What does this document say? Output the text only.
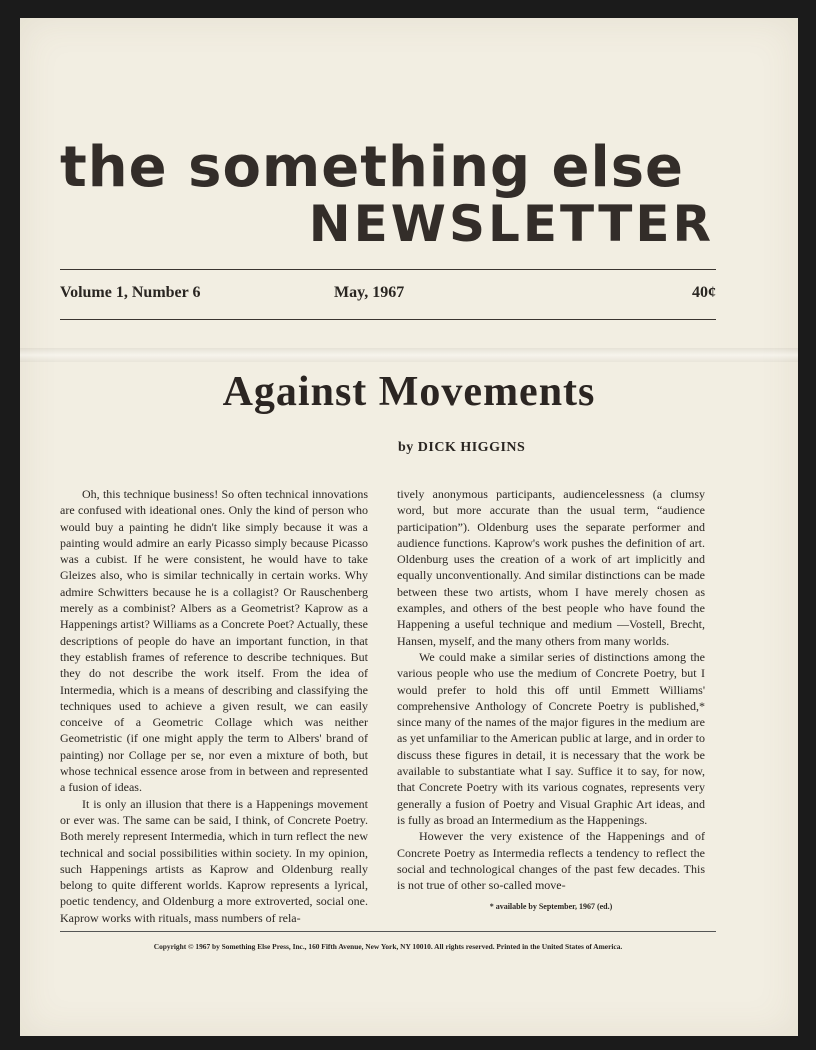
the something else
NEWSLETTER
Volume 1, Number 6	May, 1967	40¢
Against Movements
by DICK HIGGINS

Oh, this technique business! So often technical innovations are confused with ideational ones. Only the kind of person who would buy a painting he didn't like simply because it was a painting would admire an early Picasso simply because Picasso was a cubist. If he were consistent, he would have to take Gleizes also, who is similar technically in certain works. Why admire Schwitters because he is a collagist? Or Rauschenberg merely as a combinist? Albers as a Geometrist? Kaprow as a Happenings artist? Williams as a Concrete Poet? Actually, these descriptions of people do have an important function, in that they establish frames of reference to describe techniques. But they do not describe the work itself. From the idea of Intermedia, which is a means of describing and classifying the techniques used to achieve a given result, we can easily conceive of a Geometric Collage which was neither Geometristic (if one might apply the term to Albers' brand of painting) nor Collage per se, nor even a mixture of both, but whose technical essence arose from in between and represented a fusion of ideas.

It is only an illusion that there is a Happenings movement or ever was. The same can be said, I think, of Concrete Poetry. Both merely represent Intermedia, which in turn reflect the new technical and social possibilities within society. In my opinion, such Happenings artists as Kaprow and Oldenburg really belong to quite different worlds. Kaprow represents a lyrical, poetic tendency, and Oldenburg a more extroverted, social one. Kaprow works with rituals, mass numbers of rela-

tively anonymous participants, audiencelessness (a clumsy word, but more accurate than the usual term, “audience participation”). Oldenburg uses the separate performer and audience functions. Kaprow's work pushes the definition of art. Oldenburg uses the creation of a work of art implicitly and equally unconventionally. And similar distinctions can be made between these two artists, whom I have merely chosen as examples, and others of the best people who have found the Happening a useful technique and medium —Vostell, Brecht, Hansen, myself, and the many others from many worlds.

We could make a similar series of distinctions among the various people who use the medium of Concrete Poetry, but I would prefer to hold this off until Emmett Williams' comprehensive Anthology of Concrete Poetry is published,* since many of the names of the major figures in the medium are as yet unfamiliar to the American public at large, and in order to discuss these figures in detail, it is necessary that the work be available to substantiate what I say. Suffice it to say, for now, that Concrete Poetry with its various cognates, represents very generally a fusion of Poetry and Visual Graphic Art ideas, and is fully as broad an Intermedium as the Happenings.

However the very existence of the Happenings and of Concrete Poetry as Intermedia reflects a tendency to reflect the social and technological changes of the past few decades. This is not true of other so-called move-

* available by September, 1967 (ed.)
Copyright © 1967 by Something Else Press, Inc., 160 Fifth Avenue, New York, NY 10010. All rights reserved. Printed in the United States of America.
